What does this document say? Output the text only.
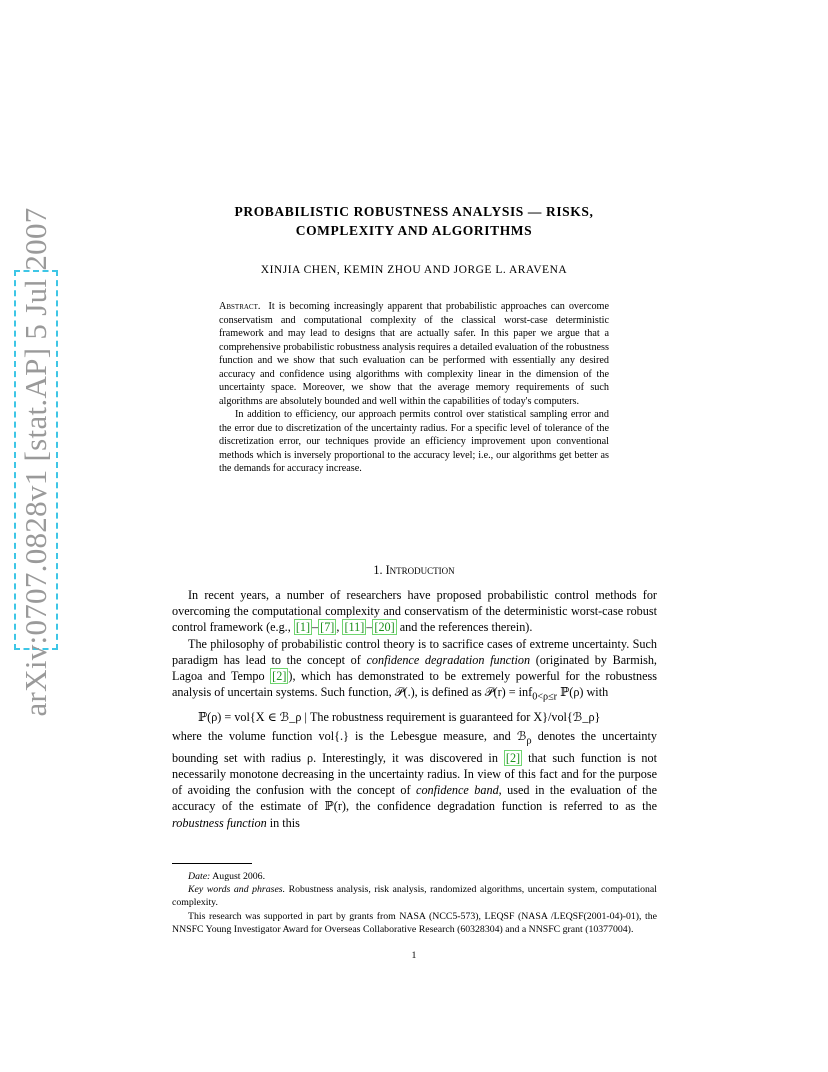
arXiv:0707.0828v1 [stat.AP] 5 Jul 2007	PROBABILISTIC ROBUSTNESS ANALYSIS — RISKS,
COMPLEXITY AND ALGORITHMS
XINJIA CHEN, KEMIN ZHOU AND JORGE L. ARAVENA

Abstract. It is becoming increasingly apparent that probabilistic approaches can overcome conservatism and computational complexity of the classical worst-case deterministic framework and may lead to designs that are actually safer. In this paper we argue that a comprehensive probabilistic robustness analysis requires a detailed evaluation of the robustness function and we show that such evaluation can be performed with essentially any desired accuracy and confidence using algorithms with complexity linear in the dimension of the uncertainty space. Moreover, we show that the average memory requirements of such algorithms are absolutely bounded and well within the capabilities of today's computers.

In addition to efficiency, our approach permits control over statistical sampling error and the error due to discretization of the uncertainty radius. For a specific level of tolerance of the discretization error, our techniques provide an efficiency improvement upon conventional methods which is inversely proportional to the accuracy level; i.e., our algorithms get better as the demands for accuracy increase.

1. Introduction

In recent years, a number of researchers have proposed probabilistic control methods for overcoming the computational complexity and conservatism of the deterministic worst-case robust control framework (e.g., [1] – [7] , [11] – [20] and the references therein).

The philosophy of probabilistic control theory is to sacrifice cases of extreme uncertainty. Such paradigm has lead to the concept of confidence degradation function (originated by Barmish, Lagoa and Tempo [2] ), which has demonstrated to be extremely powerful for the robustness analysis of uncertain systems. Such function, 𝒫(.), is defined as 𝒫(r) = inf$_{0<\rho\le r}$ ℙ(ρ) with

ℙ(ρ) = vol{X ∈ ℬ_ρ | The robustness requirement is guaranteed for X}/vol{ℬ_ρ}

where the volume function vol{.} is the Lebesgue measure, and ℬ$_\rho$ denotes the uncertainty bounding set with radius ρ. Interestingly, it was discovered in [2] that such function is not necessarily monotone decreasing in the uncertainty radius. In view of this fact and for the purpose of avoiding the confusion with the concept of confidence band, used in the evaluation of the accuracy of the estimate of ℙ(r), the confidence degradation function is referred to as the robustness function in this

Date: August 2006.

Key words and phrases. Robustness analysis, risk analysis, randomized algorithms, uncertain system, computational complexity.

This research was supported in part by grants from NASA (NCC5-573), LEQSF (NASA /LEQSF(2001-04)-01), the NNSFC Young Investigator Award for Overseas Collaborative Research (60328304) and a NNSFC grant (10377004).

1
